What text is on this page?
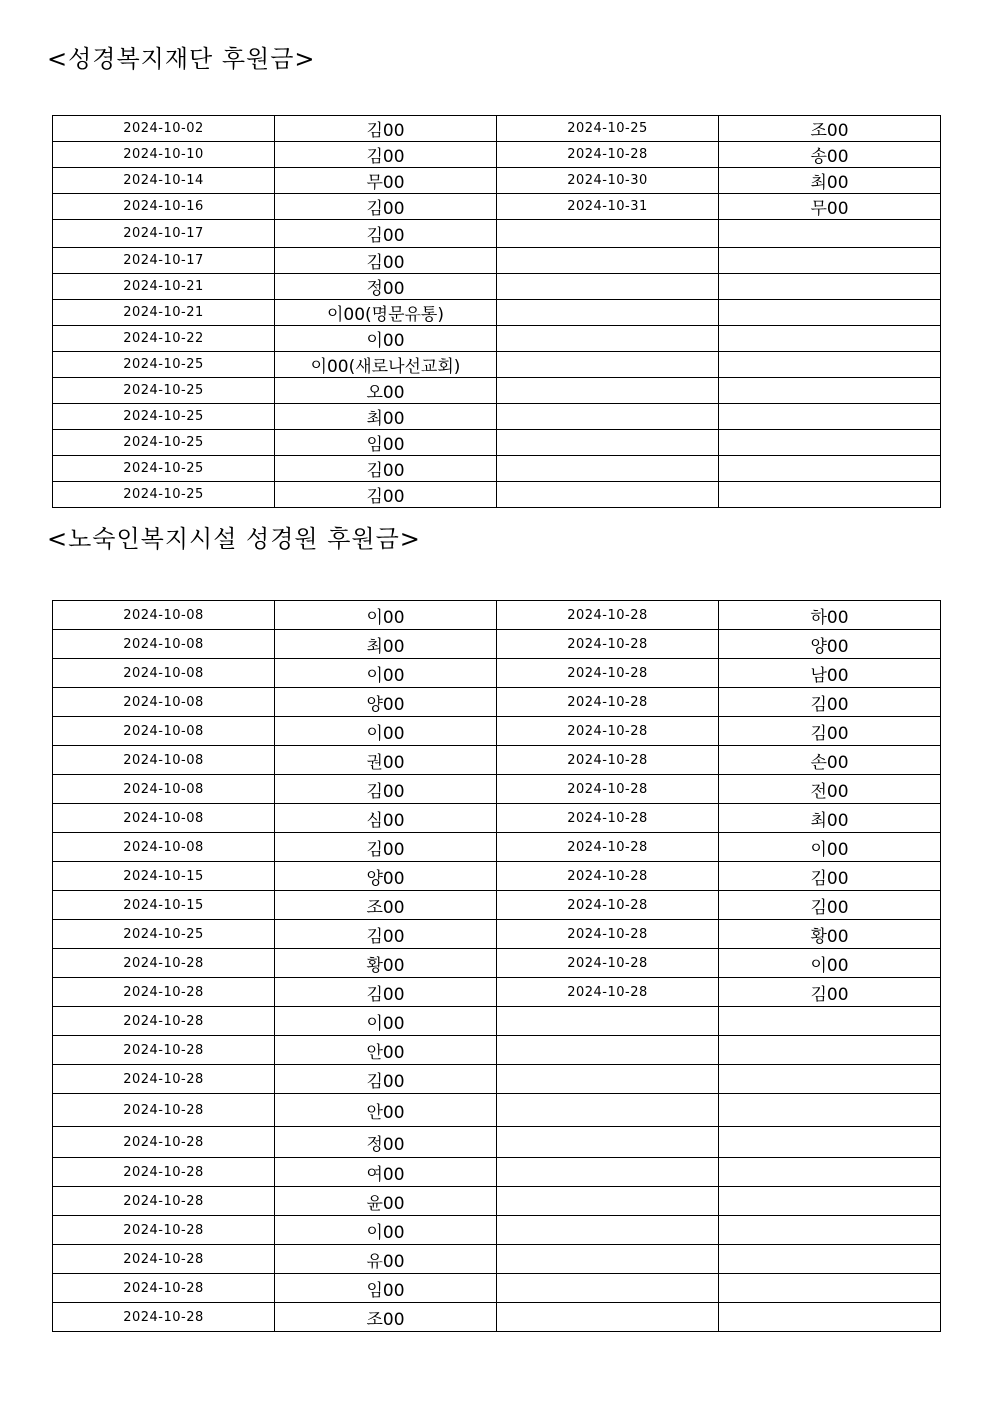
<성경복지재단 후원금>
2024-10-02	김00	2024-10-25	조00
2024-10-10	김00	2024-10-28	송00
2024-10-14	무00	2024-10-30	최00
2024-10-16	김00	2024-10-31	무00
2024-10-17	김00		
2024-10-17	김00		
2024-10-21	정00		
2024-10-21	이00(명문유통)		
2024-10-22	이00		
2024-10-25	이00(새로나선교회)		
2024-10-25	오00		
2024-10-25	최00		
2024-10-25	임00		
2024-10-25	김00		
2024-10-25	김00		
<노숙인복지시설 성경원 후원금>
2024-10-08	이00	2024-10-28	하00
2024-10-08	최00	2024-10-28	양00
2024-10-08	이00	2024-10-28	남00
2024-10-08	양00	2024-10-28	김00
2024-10-08	이00	2024-10-28	김00
2024-10-08	권00	2024-10-28	손00
2024-10-08	김00	2024-10-28	전00
2024-10-08	심00	2024-10-28	최00
2024-10-08	김00	2024-10-28	이00
2024-10-15	양00	2024-10-28	김00
2024-10-15	조00	2024-10-28	김00
2024-10-25	김00	2024-10-28	황00
2024-10-28	황00	2024-10-28	이00
2024-10-28	김00	2024-10-28	김00
2024-10-28	이00		
2024-10-28	안00		
2024-10-28	김00		
2024-10-28	안00		
2024-10-28	정00		
2024-10-28	여00		
2024-10-28	윤00		
2024-10-28	이00		
2024-10-28	유00		
2024-10-28	임00		
2024-10-28	조00		
